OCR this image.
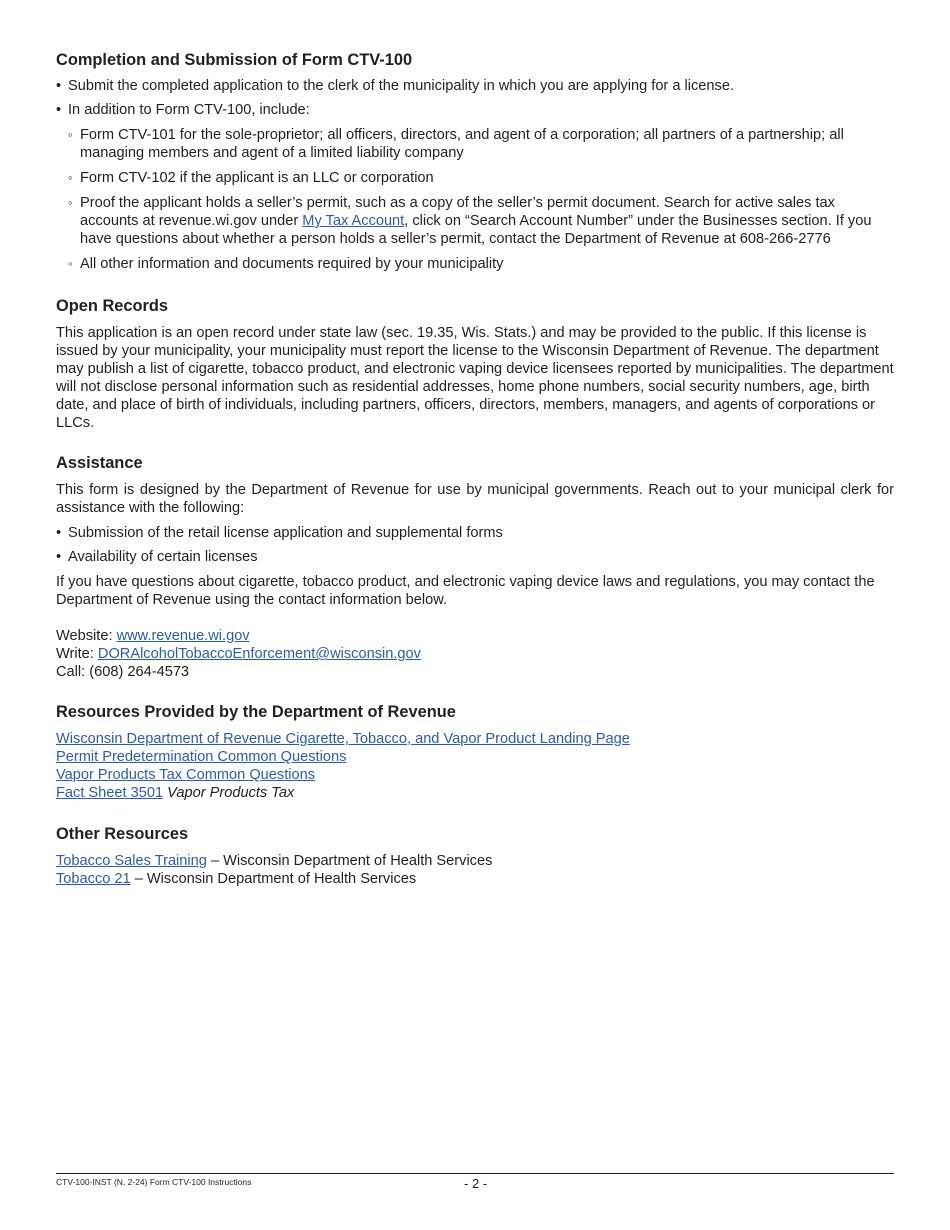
Completion and Submission of Form CTV-100
• Submit the completed application to the clerk of the municipality in which you are applying for a license.
• In addition to Form CTV-100, include:
◦ Form CTV-101 for the sole-proprietor; all officers, directors, and agent of a corporation; all partners of a partnership; all managing members and agent of a limited liability company
◦ Form CTV-102 if the applicant is an LLC or corporation
◦ Proof the applicant holds a seller’s permit, such as a copy of the seller’s permit document. Search for active sales tax accounts at revenue.wi.gov under My Tax Account, click on “Search Account Number” under the Businesses section. If you have questions about whether a person holds a seller’s permit, contact the Department of Revenue at 608-266-2776
◦ All other information and documents required by your municipality
Open Records

This application is an open record under state law (sec. 19.35, Wis. Stats.) and may be provided to the public. If this license is issued by your municipality, your municipality must report the license to the Wisconsin Department of Revenue. The department may publish a list of cigarette, tobacco product, and electronic vaping device licensees reported by municipalities. The department will not disclose personal information such as residential addresses, home phone numbers, social security numbers, age, birth date, and place of birth of individuals, including partners, officers, directors, members, managers, and agents of corporations or LLCs.

Assistance

This form is designed by the Department of Revenue for use by municipal governments. Reach out to your municipal clerk for assistance with the following:

• Submission of the retail license application and supplemental forms
• Availability of certain licenses

If you have questions about cigarette, tobacco product, and electronic vaping device laws and regulations, you may contact the Department of Revenue using the contact information below.

Website: www.revenue.wi.gov
Write: DORAlcoholTobaccoEnforcement@wisconsin.gov
Call: (608) 264-4573
Resources Provided by the Department of Revenue
Wisconsin Department of Revenue Cigarette, Tobacco, and Vapor Product Landing Page
Permit Predetermination Common Questions
Vapor Products Tax Common Questions
Fact Sheet 3501 Vapor Products Tax
Other Resources
Tobacco Sales Training – Wisconsin Department of Health Services
Tobacco 21 – Wisconsin Department of Health Services
CTV-100-INST (N. 2-24) Form CTV-100 Instructions	- 2 -
